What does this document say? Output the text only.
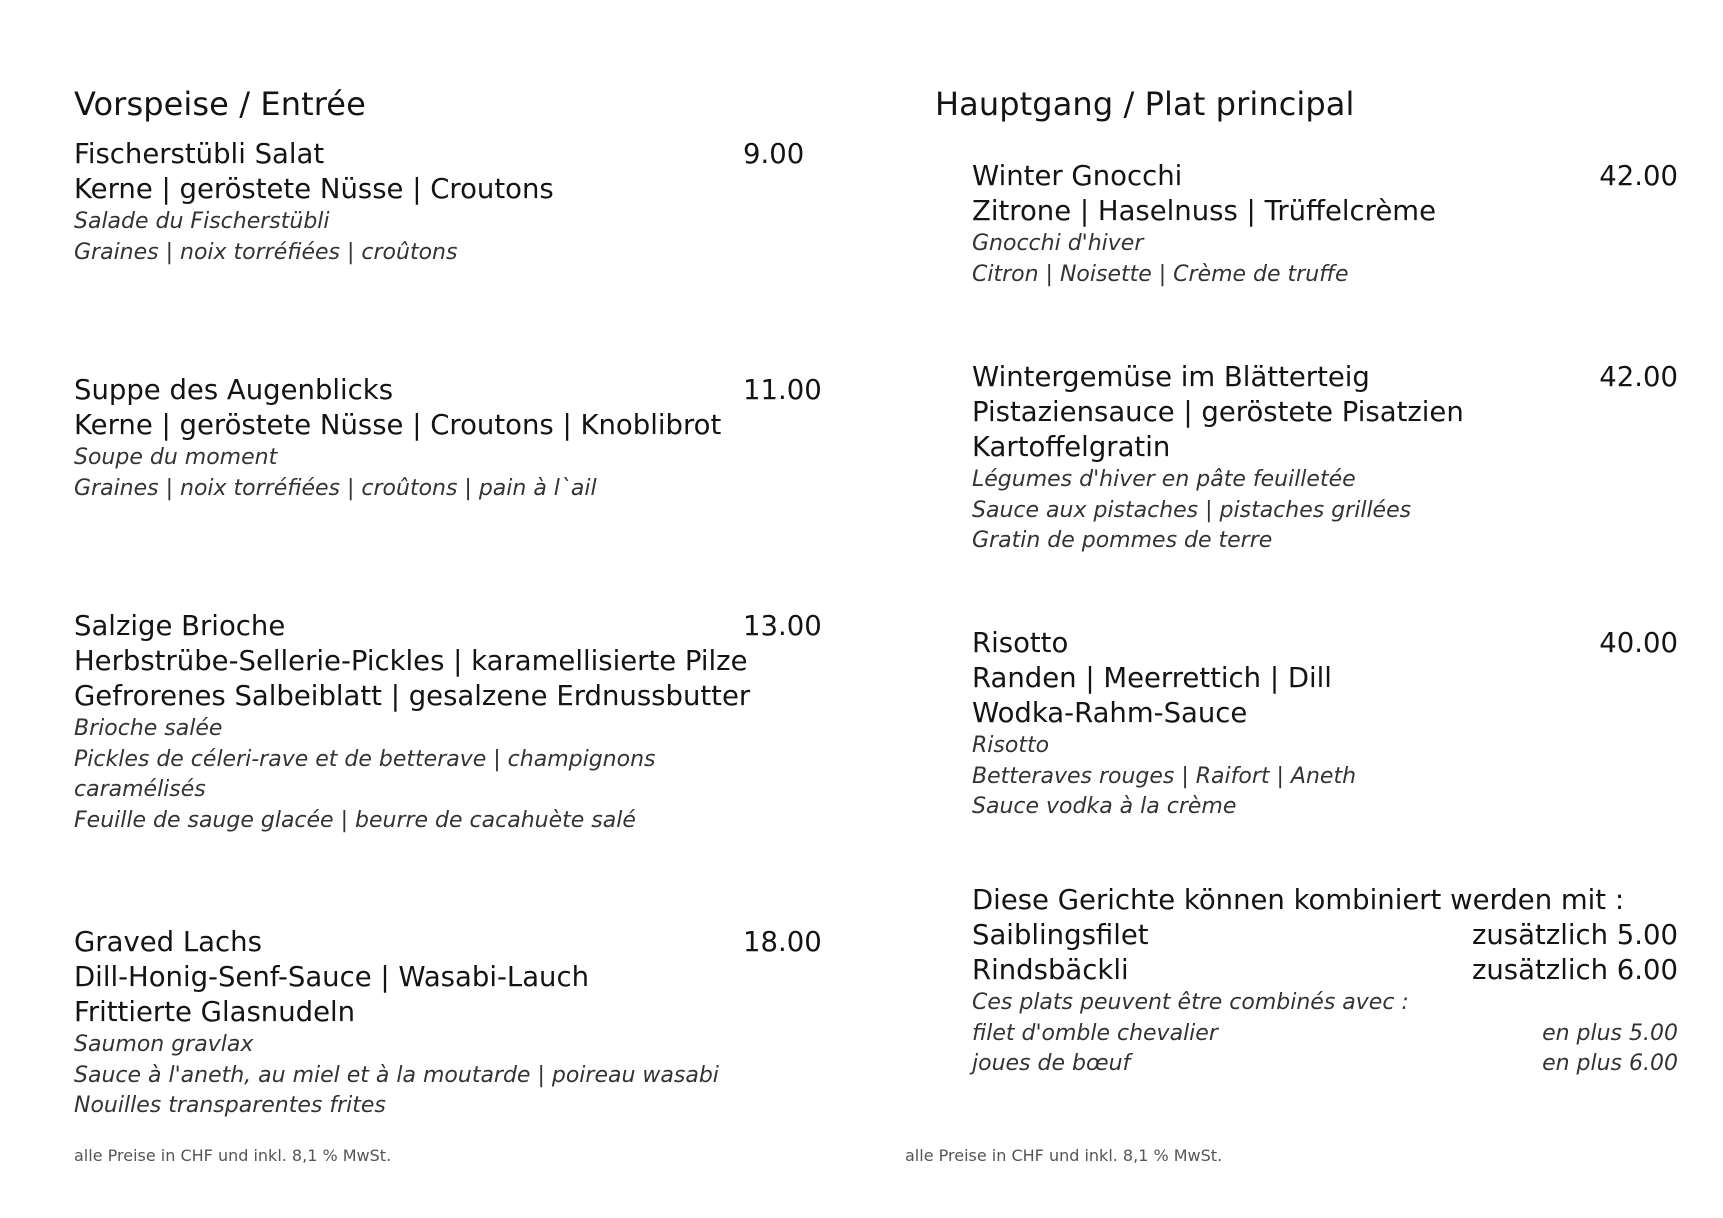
Vorspeise / Entrée
Fischerstübli Salat	9.00
Kerne | geröstete Nüsse | Croutons
Salade du Fischerstübli
Graines | noix torréfiées | croûtons
Suppe des Augenblicks	11.00
Kerne | geröstete Nüsse | Croutons | Knoblibrot
Soupe du moment
Graines | noix torréfiées | croûtons | pain à l`ail
Salzige Brioche	13.00
Herbstrübe-Sellerie-Pickles | karamellisierte Pilze
Gefrorenes Salbeiblatt | gesalzene Erdnussbutter
Brioche salée
Pickles de céleri-rave et de betterave | champignons
caramélisés
Feuille de sauge glacée | beurre de cacahuète salé
Graved Lachs	18.00
Dill-Honig-Senf-Sauce | Wasabi-Lauch
Frittierte Glasnudeln
Saumon gravlax
Sauce à l'aneth, au miel et à la moutarde | poireau wasabi
Nouilles transparentes frites
alle Preise in CHF und inkl. 8,1 % MwSt.
Hauptgang / Plat principal
Winter Gnocchi	42.00
Zitrone | Haselnuss | Trüffelcrème
Gnocchi d'hiver
Citron | Noisette | Crème de truffe
Wintergemüse im Blätterteig	42.00
Pistaziensauce | geröstete Pisatzien
Kartoffelgratin
Légumes d'hiver en pâte feuilletée
Sauce aux pistaches | pistaches grillées
Gratin de pommes de terre
Risotto	40.00
Randen | Meerrettich | Dill
Wodka-Rahm-Sauce
Risotto
Betteraves rouges | Raifort | Aneth
Sauce vodka à la crème
Diese Gerichte können kombiniert werden mit :
Saiblingsfilet	zusätzlich 5.00
Rindsbäckli	zusätzlich 6.00
Ces plats peuvent être combinés avec :
filet d'omble chevalier	en plus 5.00
joues de bœuf	en plus 6.00
alle Preise in CHF und inkl. 8,1 % MwSt.
